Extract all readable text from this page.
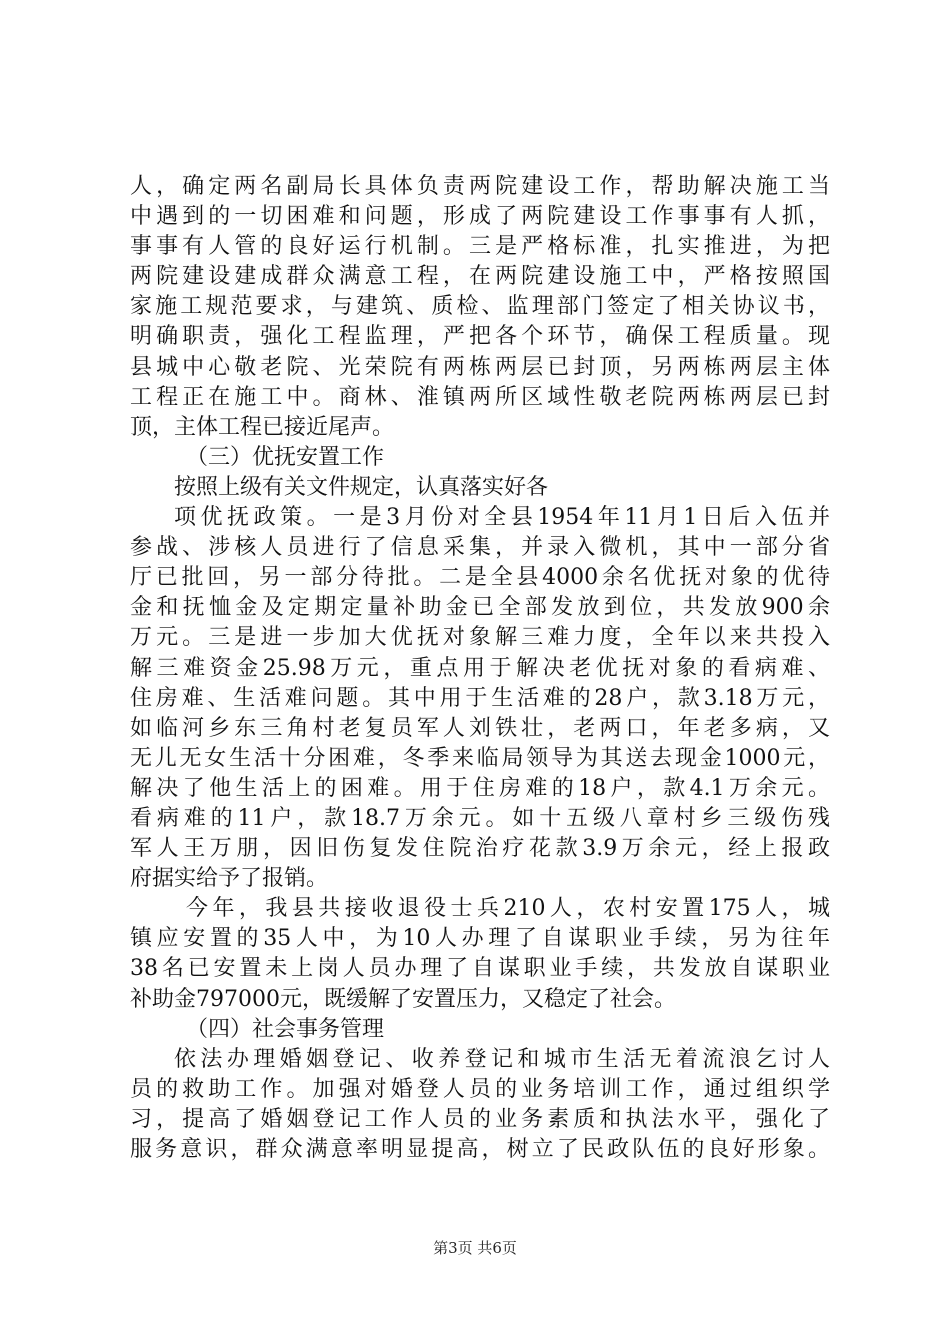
人，确定两名副局长具体负责两院建设工作，帮助解决施工当
中遇到的一切困难和问题，形成了两院建设工作事事有人抓，
事事有人管的良好运行机制。三是严格标准，扎实推进，为把
两院建设建成群众满意工程，在两院建设施工中，严格按照国
家施工规范要求，与建筑、质检、监理部门签定了相关协议书，
明确职责，强化工程监理，严把各个环节，确保工程质量。现
县城中心敬老院、光荣院有两栋两层已封顶，另两栋两层主体
工程正在施工中。商林、淮镇两所区域性敬老院两栋两层已封
顶，主体工程已接近尾声。
（三）优抚安置工作
按照上级有关文件规定，认真落实好各
项优抚政策。一是3月份对全县1954年11月1日后入伍并
参战、涉核人员进行了信息采集，并录入微机，其中一部分省
厅已批回，另一部分待批。二是全县4000余名优抚对象的优待
金和抚恤金及定期定量补助金已全部发放到位，共发放900余
万元。三是进一步加大优抚对象解三难力度，全年以来共投入
解三难资金25.98万元，重点用于解决老优抚对象的看病难、
住房难、生活难问题。其中用于生活难的28户，款3.18万元，
如临河乡东三角村老复员军人刘铁壮，老两口，年老多病，又
无儿无女生活十分困难，冬季来临局领导为其送去现金1000元，
解决了他生活上的困难。用于住房难的18户，款4.1万余元。
看病难的11户，款18.7万余元。如十五级八章村乡三级伤残
军人王万朋，因旧伤复发住院治疗花款3.9万余元，经上报政
府据实给予了报销。
今年，我县共接收退役士兵210人，农村安置175人，城
镇应安置的35人中，为10人办理了自谋职业手续，另为往年
38名已安置未上岗人员办理了自谋职业手续，共发放自谋职业
补助金797000元，既缓解了安置压力，又稳定了社会。
（四）社会事务管理
依法办理婚姻登记、收养登记和城市生活无着流浪乞讨人
员的救助工作。加强对婚登人员的业务培训工作，通过组织学
习，提高了婚姻登记工作人员的业务素质和执法水平，强化了
服务意识，群众满意率明显提高，树立了民政队伍的良好形象。
第3页 共6页
